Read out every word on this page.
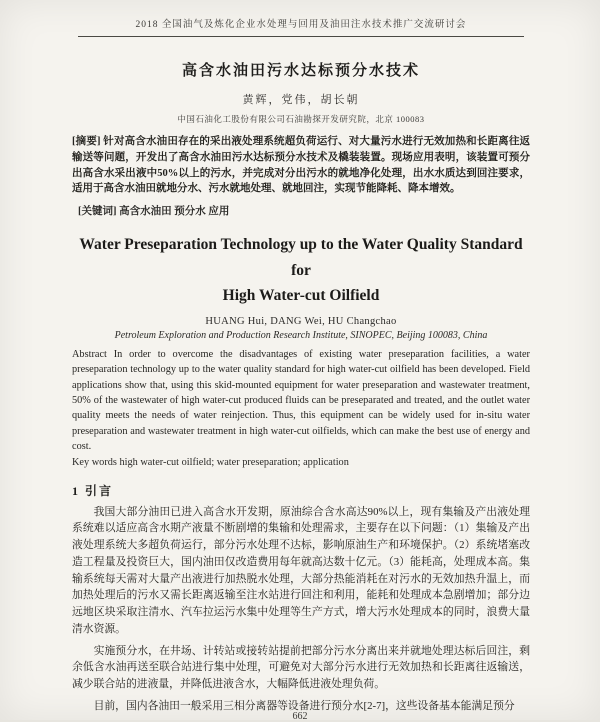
2018 全国油气及炼化企业水处理与回用及油田注水技术推广交流研讨会
高含水油田污水达标预分水技术
黄辉，党伟，胡长朝
中国石油化工股份有限公司石油勘探开发研究院，北京 100083
[摘要] 针对高含水油田存在的采出液处理系统超负荷运行、对大量污水进行无效加热和长距离往返输送等问题，开发出了高含水油田污水达标预分水技术及橇装装置。现场应用表明，该装置可预分出高含水采出液中50%以上的污水，并完成对分出污水的就地净化处理，出水水质达到回注要求，适用于高含水油田就地分水、污水就地处理、就地回注，实现节能降耗、降本增效。
[关键词] 高含水油田 预分水 应用
Water Preseparation Technology up to the Water Quality Standard for
High Water-cut Oilfield
HUANG Hui, DANG Wei, HU Changchao
Petroleum Exploration and Production Research Institute, SINOPEC, Beijing 100083, China
Abstract In order to overcome the disadvantages of existing water preseparation facilities, a water preseparation technology up to the water quality standard for high water-cut oilfield has been developed. Field applications show that, using this skid-mounted equipment for water preseparation and wastewater treatment, 50% of the wastewater of high water-cut produced fluids can be preseparated and treated, and the outlet water quality meets the needs of water reinjection. Thus, this equipment can be widely used for in-situ water preseparation and wastewater treatment in high water-cut oilfields, which can make the best use of energy and cost.
Key words high water-cut oilfield; water preseparation; application
1 引言
我国大部分油田已进入高含水开发期，原油综合含水高达90%以上，现有集输及产出液处理系统难以适应高含水期产液量不断剧增的集输和处理需求，主要存在以下问题：（1）集输及产出液处理系统大多超负荷运行，部分污水处理不达标，影响原油生产和环境保护。（2）系统堵塞改造工程量及投资巨大，国内油田仅改造费用每年就高达数十亿元。（3）能耗高，处理成本高。集输系统每天需对大量产出液进行加热脱水处理，大部分热能消耗在对污水的无效加热升温上，而加热处理后的污水又需长距离返输至注水站进行回注和利用，能耗和处理成本急剧增加；部分边远地区块采取注清水、汽车拉运污水集中处理等生产方式，增大污水处理成本的同时，浪费大量清水资源。
实施预分水，在井场、计转站或接转站提前把部分污水分离出来并就地处理达标后回注，剩余低含水油再送至联合站进行集中处理，可避免对大部分污水进行无效加热和长距离往返输送，减少联合站的进液量，并降低进液含水，大幅降低进液处理负荷。
目前，国内各油田一般采用三相分离器等设备进行预分水[2-7]，这些设备基本能满足预分
662
